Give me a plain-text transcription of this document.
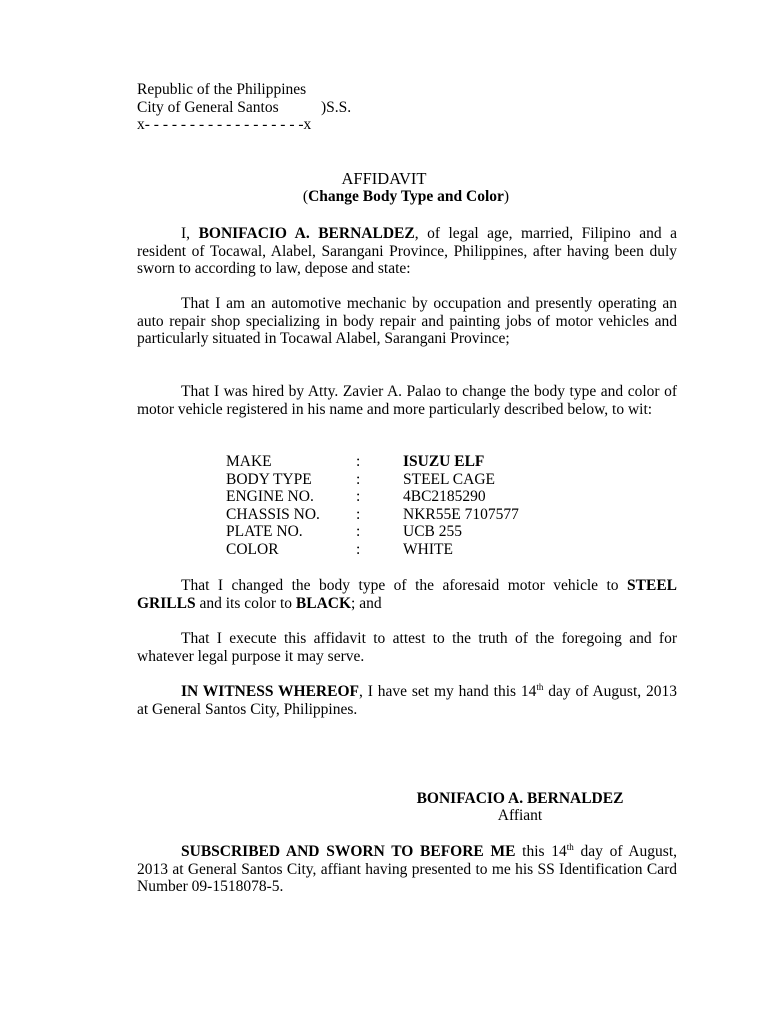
Republic of the Philippines
City of General Santos	)S.S.
x- - - - - - - - - - - - - - - - - -x
AFFIDAVIT
(Change Body Type and Color)
I, BONIFACIO A. BERNALDEZ, of legal age, married, Filipino and a resident of Tocawal, Alabel, Sarangani Province, Philippines, after having been duly sworn to according to law, depose and state:
That I am an automotive mechanic by occupation and presently operating an auto repair shop specializing in body repair and painting jobs of motor vehicles and particularly situated in Tocawal Alabel, Sarangani Province;
That I was hired by Atty. Zavier A. Palao to change the body type and color of motor vehicle registered in his name and more particularly described below, to wit:
MAKE	:	ISUZU ELF
BODY TYPE	:	STEEL CAGE
ENGINE NO.	:	4BC2185290
CHASSIS NO. :	NKR55E 7107577
PLATE NO.	:	UCB 255
COLOR	:	WHITE
That I changed the body type of the aforesaid motor vehicle to STEEL GRILLS and its color to BLACK; and
That I execute this affidavit to attest to the truth of the foregoing and for whatever legal purpose it may serve.
IN WITNESS WHEREOF, I have set my hand this 14th day of August, 2013 at General Santos City, Philippines.
BONIFACIO A. BERNALDEZ
Affiant
SUBSCRIBED AND SWORN TO BEFORE ME this 14th day of August, 2013 at General Santos City, affiant having presented to me his SS Identification Card Number 09-1518078-5.
